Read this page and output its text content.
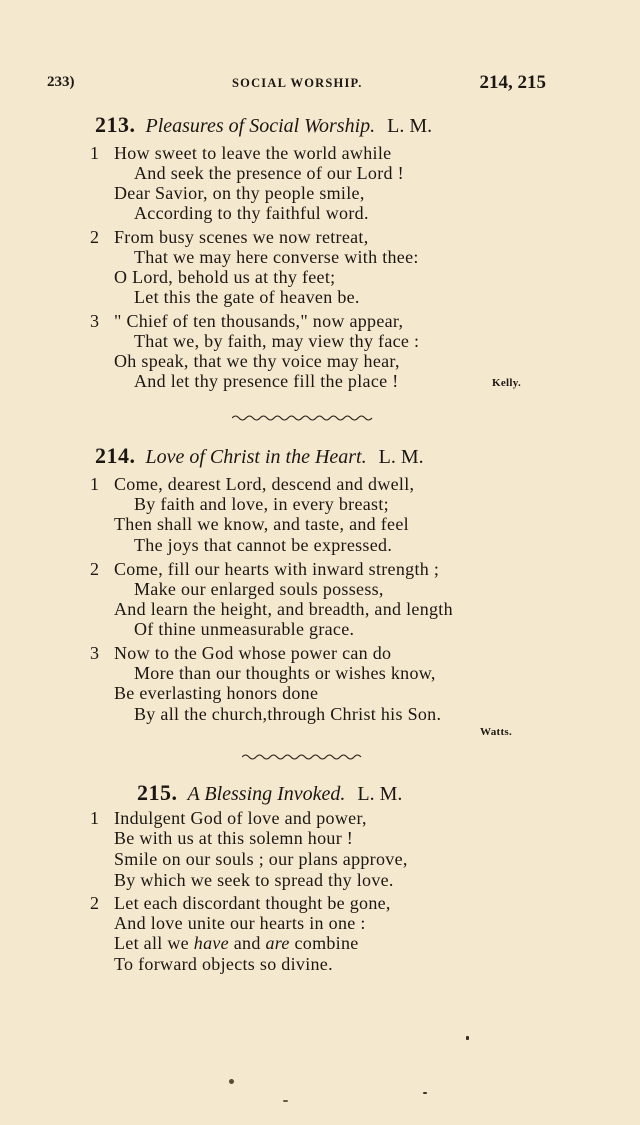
233)	SOCIAL WORSHIP.	214, 215
213. Pleasures of Social Worship. L. M.
1 How sweet to leave the world awhile
And seek the presence of our Lord !
Dear Savior, on thy people smile,
According to thy faithful word.
2 From busy scenes we now retreat,
That we may here converse with thee:
O Lord, behold us at thy feet;
Let this the gate of heaven be.
3 " Chief of ten thousands," now appear,
That we, by faith, may view thy face :
Oh speak, that we thy voice may hear,
And let thy presence fill the place !	Kelly.
214. Love of Christ in the Heart. L. M.
1 Come, dearest Lord, descend and dwell,
By faith and love, in every breast;
Then shall we know, and taste, and feel
The joys that cannot be expressed.
2 Come, fill our hearts with inward strength ;
Make our enlarged souls possess,
And learn the height, and breadth, and length
Of thine unmeasurable grace.
3 Now to the God whose power can do
More than our thoughts or wishes know,
Be everlasting honors done
By all the church,through Christ his Son.
Watts.
215. A Blessing Invoked. L. M.
1 Indulgent God of love and power,
Be with us at this solemn hour !
Smile on our souls ; our plans approve,
By which we seek to spread thy love.
2 Let each discordant thought be gone,
And love unite our hearts in one :
Let all we have and are combine
To forward objects so divine.
